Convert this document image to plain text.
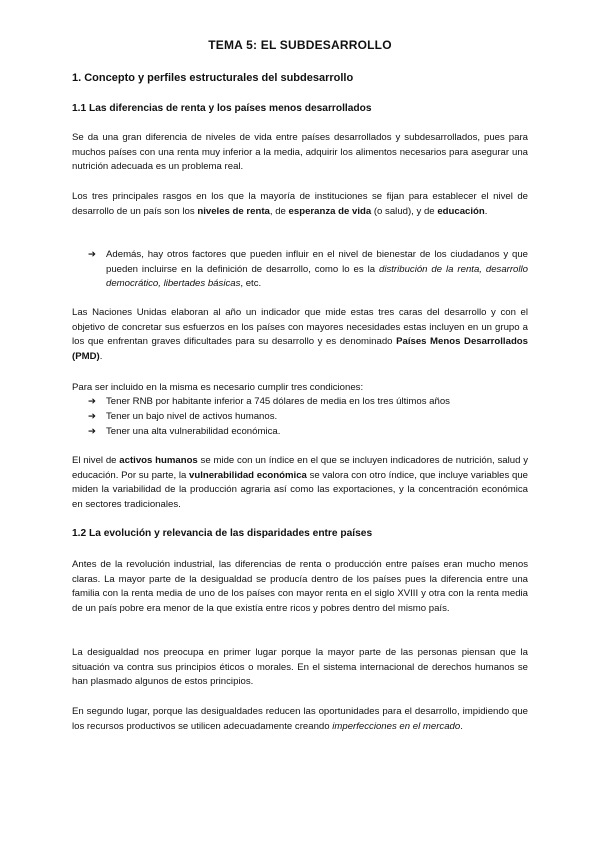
TEMA 5: EL SUBDESARROLLO
1. Concepto y perfiles estructurales del subdesarrollo
1.1 Las diferencias de renta y los países menos desarrollados
Se da una gran diferencia de niveles de vida entre países desarrollados y subdesarrollados, pues para muchos países con una renta muy inferior a la media, adquirir los alimentos necesarios para asegurar una nutrición adecuada es un problema real.
Los tres principales rasgos en los que la mayoría de instituciones se fijan para establecer el nivel de desarrollo de un país son los niveles de renta, de esperanza de vida (o salud), y de educación.
➔ Además, hay otros factores que pueden influir en el nivel de bienestar de los ciudadanos y que pueden incluirse en la definición de desarrollo, como lo es la distribución de la renta, desarrollo democrático, libertades básicas, etc.
Las Naciones Unidas elaboran al año un indicador que mide estas tres caras del desarrollo y con el objetivo de concretar sus esfuerzos en los países con mayores necesidades estas incluyen en un grupo a los que enfrentan graves dificultades para su desarrollo y es denominado Países Menos Desarrollados (PMD).
Para ser incluido en la misma es necesario cumplir tres condiciones:
➔ Tener RNB por habitante inferior a 745 dólares de media en los tres últimos años
➔ Tener un bajo nivel de activos humanos.
➔ Tener una alta vulnerabilidad económica.
El nivel de activos humanos se mide con un índice en el que se incluyen indicadores de nutrición, salud y educación. Por su parte, la vulnerabilidad económica se valora con otro índice, que incluye variables que miden la variabilidad de la producción agraria así como las exportaciones, y la concentración económica en sectores tradicionales.
1.2 La evolución y relevancia de las disparidades entre países
Antes de la revolución industrial, las diferencias de renta o producción entre países eran mucho menos claras. La mayor parte de la desigualdad se producía dentro de los países pues la diferencia entre una familia con la renta media de uno de los países con mayor renta en el siglo XVIII y otra con la renta media de un país pobre era menor de la que existía entre ricos y pobres dentro del mismo país.
La desigualdad nos preocupa en primer lugar porque la mayor parte de las personas piensan que la situación va contra sus principios éticos o morales. En el sistema internacional de derechos humanos se han plasmado algunos de estos principios.
En segundo lugar, porque las desigualdades reducen las oportunidades para el desarrollo, impidiendo que los recursos productivos se utilicen adecuadamente creando imperfecciones en el mercado.
